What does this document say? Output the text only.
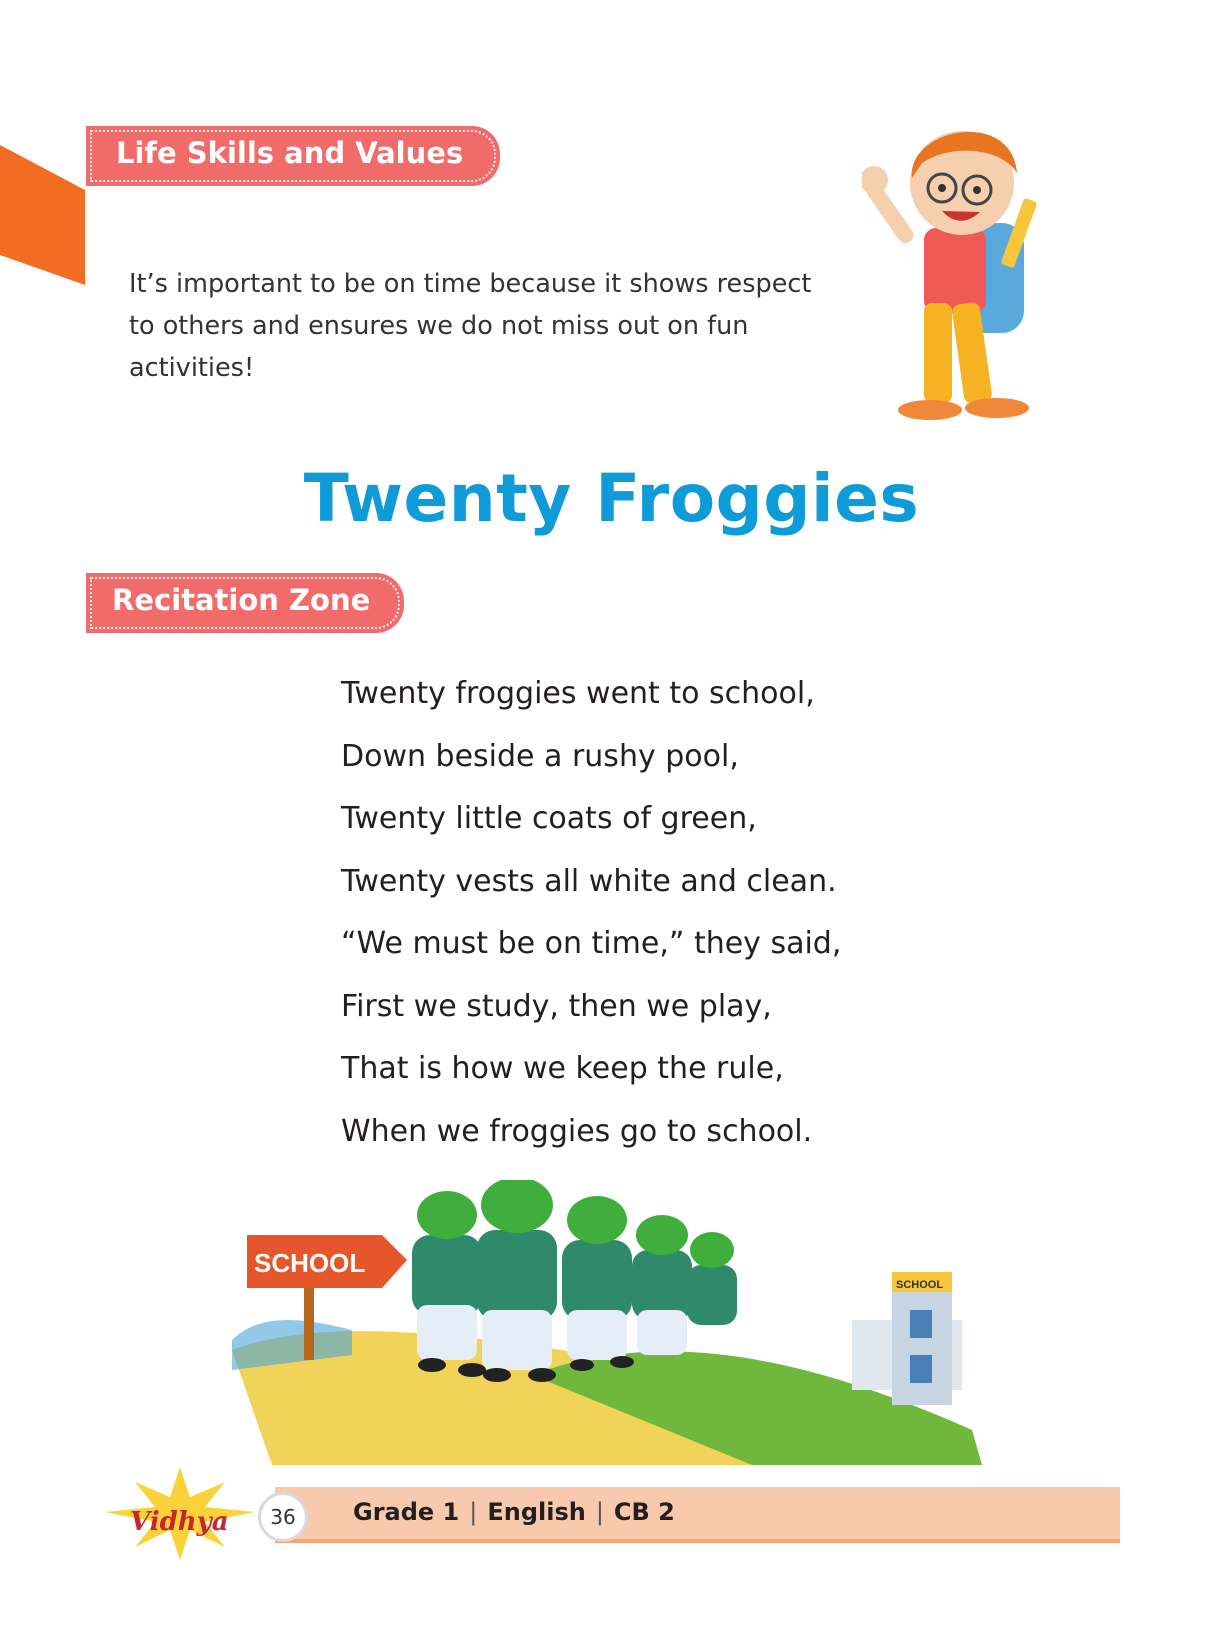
Life Skills and Values
It’s important to be on time because it shows respect to others and ensures we do not miss out on fun activities!
Twenty Froggies
Recitation Zone
Twenty froggies went to school,
Down beside a rushy pool,
Twenty little coats of green,
Twenty vests all white and clean.
“We must be on time,” they said,
First we study, then we play,
That is how we keep the rule,
When we froggies go to school.
SCHOOL
SCHOOL
Vidhya	36	Grade 1 | English | CB 2
